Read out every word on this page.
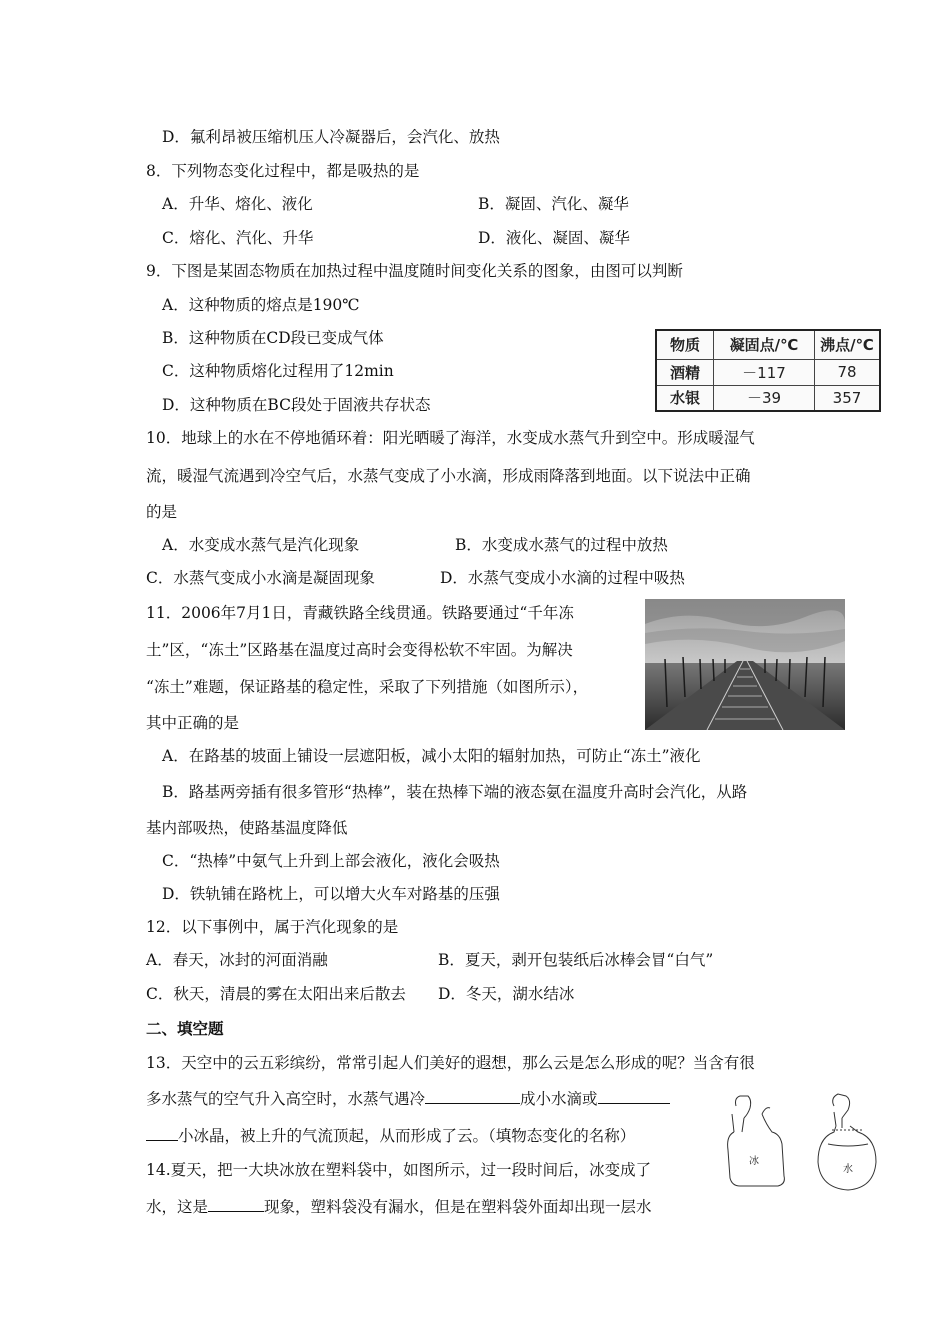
D．氟利昂被压缩机压人冷凝器后，会汽化、放热
8．下列物态变化过程中，都是吸热的是
A．升华、熔化、液化	B．凝固、汽化、凝华
C．熔化、汽化、升华	D．液化、凝固、凝华
9．下图是某固态物质在加热过程中温度随时间变化关系的图象，由图可以判断
A．这种物质的熔点是190℃
B．这种物质在CD段已变成气体
C．这种物质熔化过程用了12min
D．这种物质在BC段处于固液共存状态
物质	凝固点/℃	沸点/℃
酒精	－117	78
水银	－39	357
10．地球上的水在不停地循环着：阳光晒暖了海洋，水变成水蒸气升到空中。形成暖湿气
流，暖湿气流遇到冷空气后，水蒸气变成了小水滴，形成雨降落到地面。以下说法中正确
的是
A．水变成水蒸气是汽化现象	B．水变成水蒸气的过程中放热
C．水蒸气变成小水滴是凝固现象	D．水蒸气变成小水滴的过程中吸热
11．2006年7月1日，青藏铁路全线贯通。铁路要通过“千年冻
土”区，“冻土”区路基在温度过高时会变得松软不牢固。为解决
“冻土”难题，保证路基的稳定性，采取了下列措施（如图所示），
其中正确的是
A．在路基的坡面上铺设一层遮阳板，减小太阳的辐射加热，可防止“冻土”液化
B．路基两旁插有很多管形“热棒”，装在热棒下端的液态氨在温度升高时会汽化，从路
基内部吸热，使路基温度降低
C．“热棒”中氨气上升到上部会液化，液化会吸热
D．铁轨铺在路枕上，可以增大火车对路基的压强
12．以下事例中，属于汽化现象的是
A．春天，冰封的河面消融	B．夏天，剥开包装纸后冰棒会冒“白气”
C．秋天，清晨的雾在太阳出来后散去 D．冬天，湖水结冰
二、填空题
13．天空中的云五彩缤纷，常常引起人们美好的遐想，那么云是怎么形成的呢？当含有很
多水蒸气的空气升入高空时，水蒸气遇冷	成小水滴或
小冰晶，被上升的气流顶起，从而形成了云。（填物态变化的名称）
14.夏天，把一大块冰放在塑料袋中，如图所示，过一段时间后，冰变成了
水，这是	现象，塑料袋没有漏水，但是在塑料袋外面却出现一层水
冰
水
